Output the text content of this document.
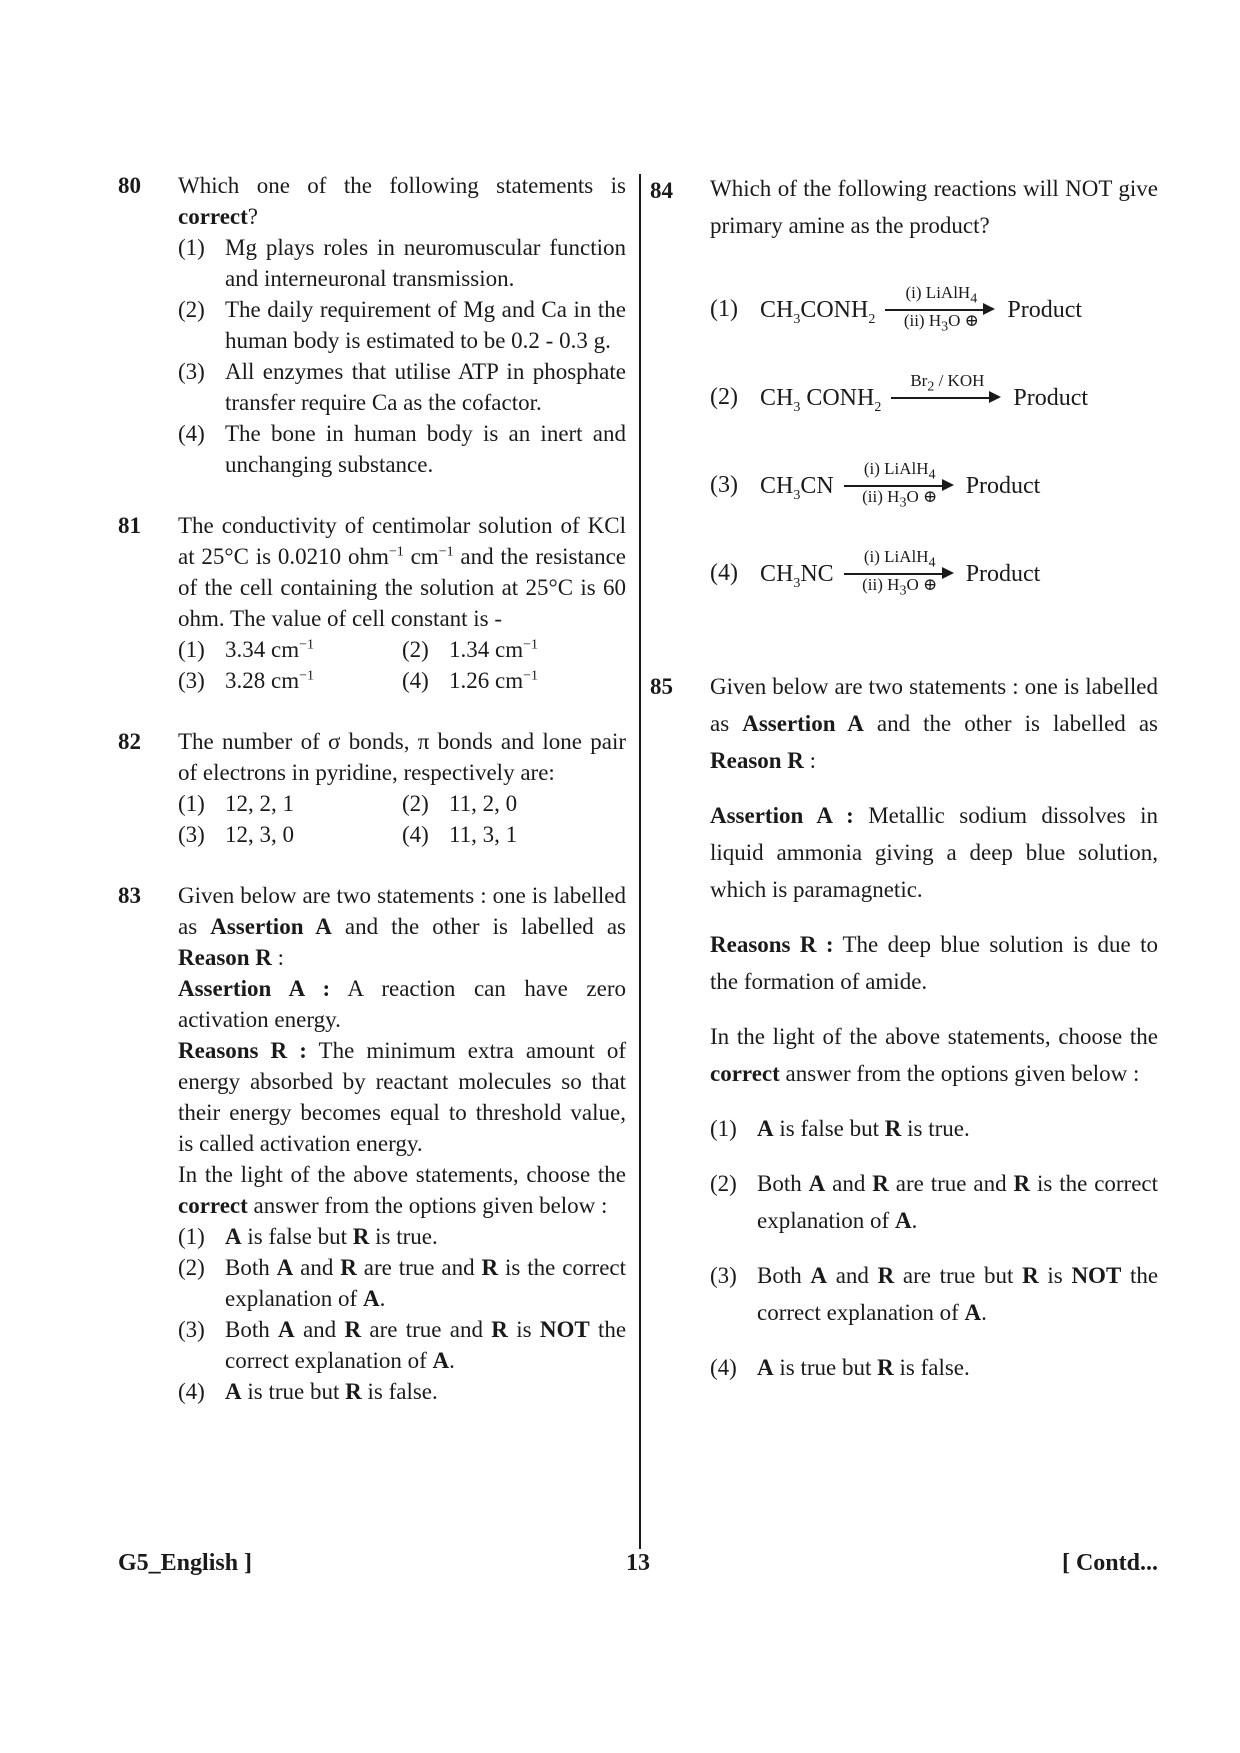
80 Which one of the following statements is correct?
(1) Mg plays roles in neuromuscular function and interneuronal transmission.
(2) The daily requirement of Mg and Ca in the human body is estimated to be 0.2 - 0.3 g.
(3) All enzymes that utilise ATP in phosphate transfer require Ca as the cofactor.
(4) The bone in human body is an inert and unchanging substance.
81 The conductivity of centimolar solution of KCl at 25°C is 0.0210 ohm$^{-1}$ $cm^{-1}$ and the resistance of the cell containing the solution at 25°C is 60 ohm. The value of cell constant is -
(1) 3.34 $cm^{-1}$	(2) 1.34 $cm^{-1}$
(3) 3.28 $cm^{-1}$	(4) 1.26 $cm^{-1}$
82 The number of σ bonds, π bonds and lone pair of electrons in pyridine, respectively are:
(1) 12, 2, 1	(2) 11, 2, 0
(3) 12, 3, 0	(4) 11, 3, 1
83 Given below are two statements : one is labelled as Assertion A and the other is labelled as Reason R :
Assertion A : A reaction can have zero activation energy.
Reasons R : The minimum extra amount of energy absorbed by reactant molecules so that their energy becomes equal to threshold value, is called activation energy.
In the light of the above statements, choose the correct answer from the options given below :
(1) A is false but R is true.
(2) Both A and R are true and R is the correct explanation of A.
(3) Both A and R are true and R is NOT the correct explanation of A.
(4) A is true but R is false.
84 Which of the following reactions will NOT give primary amine as the product?
(1) $CH_3CONH_2$
(i) LiAlH$_4$
(ii) $H_3O$ ⊕	Product
(2) $CH_3$ $CONH_2$
$Br_2$ / KOH
Product
(3) $CH_3CN$
(i) LiAlH$_4$
(ii) $H_3O$ ⊕	Product
(4) $CH_3NC$
(i) LiAlH$_4$
(ii) $H_3O$ ⊕	Product
85 Given below are two statements : one is labelled as Assertion A and the other is labelled as Reason R :
Assertion A : Metallic sodium dissolves in liquid ammonia giving a deep blue solution, which is paramagnetic.
Reasons R : The deep blue solution is due to the formation of amide.
In the light of the above statements, choose the correct answer from the options given below :
(1) A is false but R is true.
(2) Both A and R are true and R is the correct explanation of A.
(3) Both A and R are true but R is NOT the correct explanation of A.
(4) A is true but R is false.
G5_English ]	13	[ Contd...
